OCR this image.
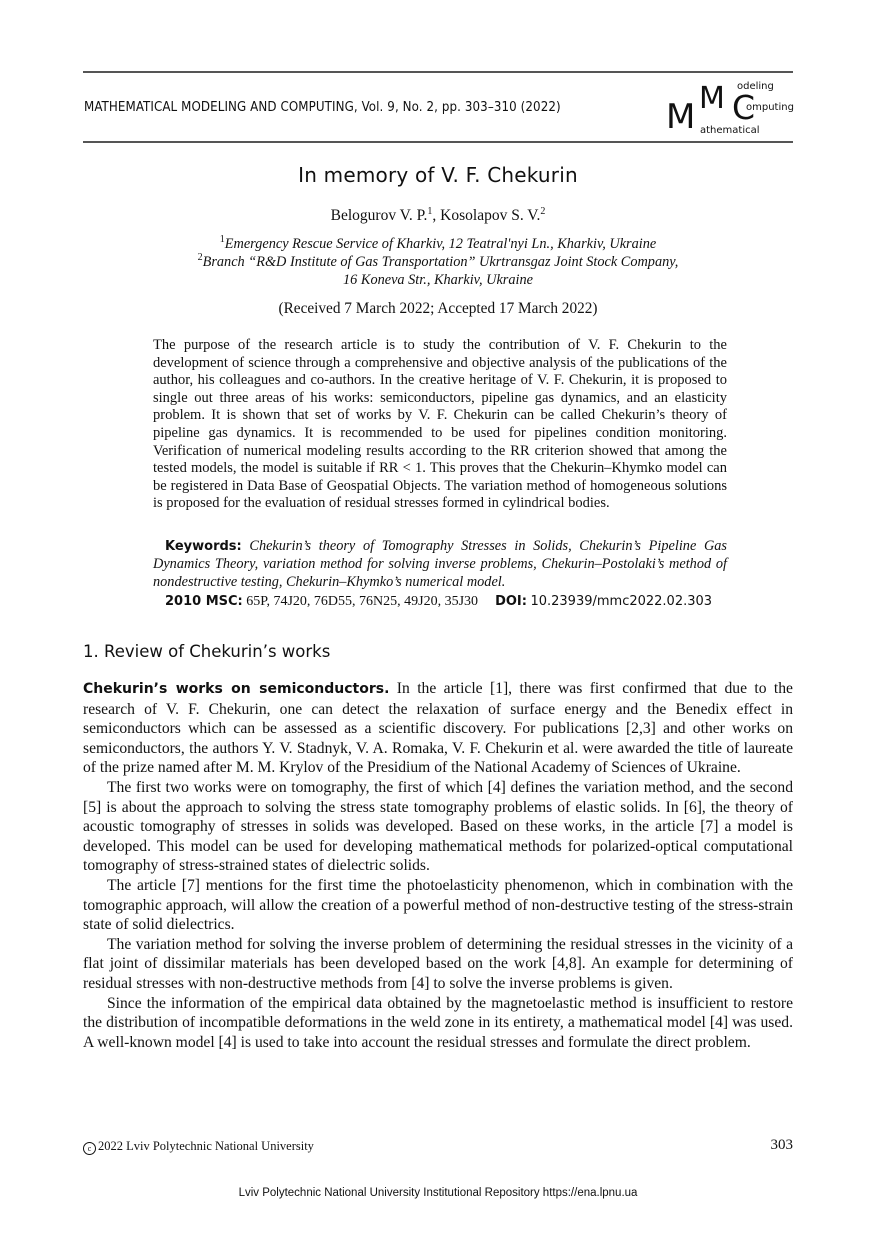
MATHEMATICAL MODELING AND COMPUTING, Vol. 9, No. 2, pp. 303–310 (2022)	M M C
odeling
omputing
athematical
In memory of V. F. Chekurin
Belogurov V. P.$^1$, Kosolapov S. V.$^2$
$^1$Emergency Rescue Service of Kharkiv, 12 Teatral'nyi Ln., Kharkiv, Ukraine
$^2$Branch “R&D Institute of Gas Transportation” Ukrtransgaz Joint Stock Company,
16 Koneva Str., Kharkiv, Ukraine
(Received 7 March 2022; Accepted 17 March 2022)
The purpose of the research article is to study the contribution of V. F. Chekurin to the development of science through a comprehensive and objective analysis of the publications of the author, his colleagues and co-authors. In the creative heritage of V. F. Chekurin, it is proposed to single out three areas of his works: semiconductors, pipeline gas dynamics, and an elasticity problem. It is shown that set of works by V. F. Chekurin can be called Chekurin’s theory of pipeline gas dynamics. It is recommended to be used for pipelines condition monitoring. Verification of numerical modeling results according to the RR criterion showed that among the tested models, the model is suitable if RR < 1. This proves that the Chekurin–Khymko model can be registered in Data Base of Geospatial Objects. The variation method of homogeneous solutions is proposed for the evaluation of residual stresses formed in cylindrical bodies.
Keywords: Chekurin’s theory of Tomography Stresses in Solids, Chekurin’s Pipeline Gas Dynamics Theory, variation method for solving inverse problems, Chekurin–Postolaki’s method of nondestructive testing, Chekurin–Khymko’s numerical model.
2010 MSC: 65P, 74J20, 76D55, 76N25, 49J20, 35J30 DOI: 10.23939/mmc2022.02.303
1. Review of Chekurin’s works

Chekurin’s works on semiconductors. In the article [1], there was first confirmed that due to the research of V. F. Chekurin, one can detect the relaxation of surface energy and the Benedix effect in semiconductors which can be assessed as a scientific discovery. For publications [2,3] and other works on semiconductors, the authors Y. V. Stadnyk, V. A. Romaka, V. F. Chekurin et al. were awarded the title of laureate of the prize named after M. M. Krylov of the Presidium of the National Academy of Sciences of Ukraine.

The first two works were on tomography, the first of which [4] defines the variation method, and the second [5] is about the approach to solving the stress state tomography problems of elastic solids. In [6], the theory of acoustic tomography of stresses in solids was developed. Based on these works, in the article [7] a model is developed. This model can be used for developing mathematical methods for polarized-optical computational tomography of stress-strained states of dielectric solids.

The article [7] mentions for the first time the photoelasticity phenomenon, which in combination with the tomographic approach, will allow the creation of a powerful method of non-destructive testing of the stress-strain state of solid dielectrics.

The variation method for solving the inverse problem of determining the residual stresses in the vicinity of a flat joint of dissimilar materials has been developed based on the work [4,8]. An example for determining of residual stresses with non-destructive methods from [4] to solve the inverse problems is given.

Since the information of the empirical data obtained by the magnetoelastic method is insufficient to restore the distribution of incompatible deformations in the weld zone in its entirety, a mathematical model [4] was used. A well-known model [4] is used to take into account the residual stresses and formulate the direct problem.

c 2022 Lviv Polytechnic National University	303
Lviv Polytechnic National University Institutional Repository https://ena.lpnu.ua
